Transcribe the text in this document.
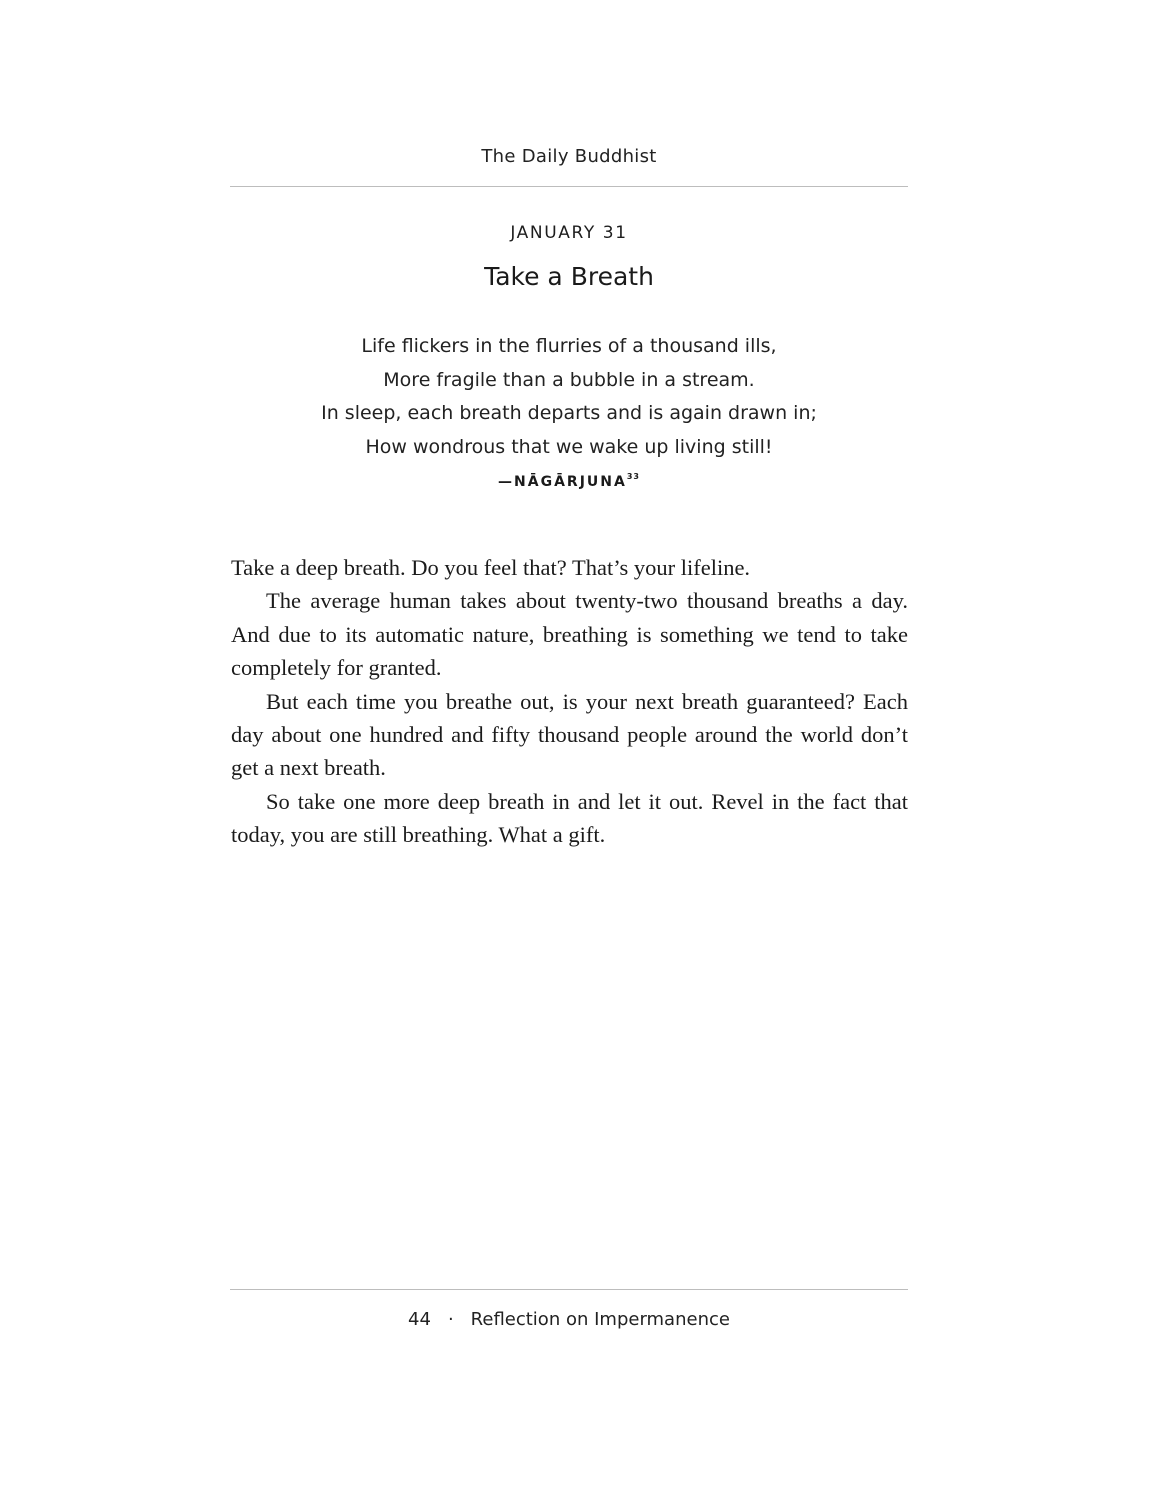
The Daily Buddhist
JANUARY 31
Take a Breath
Life flickers in the flurries of a thousand ills,
More fragile than a bubble in a stream.
In sleep, each breath departs and is again drawn in;
How wondrous that we wake up living still!
—NĀGĀRJUNA$^{33}$

Take a deep breath. Do you feel that? That’s your lifeline.

The average human takes about twenty-two thousand breaths a day. And due to its automatic nature, breathing is something we tend to take completely for granted.

But each time you breathe out, is your next breath guaranteed? Each day about one hundred and fifty thousand people around the world don’t get a next breath.

So take one more deep breath in and let it out. Revel in the fact that today, you are still breathing. What a gift.

44 · Reflection on Impermanence
